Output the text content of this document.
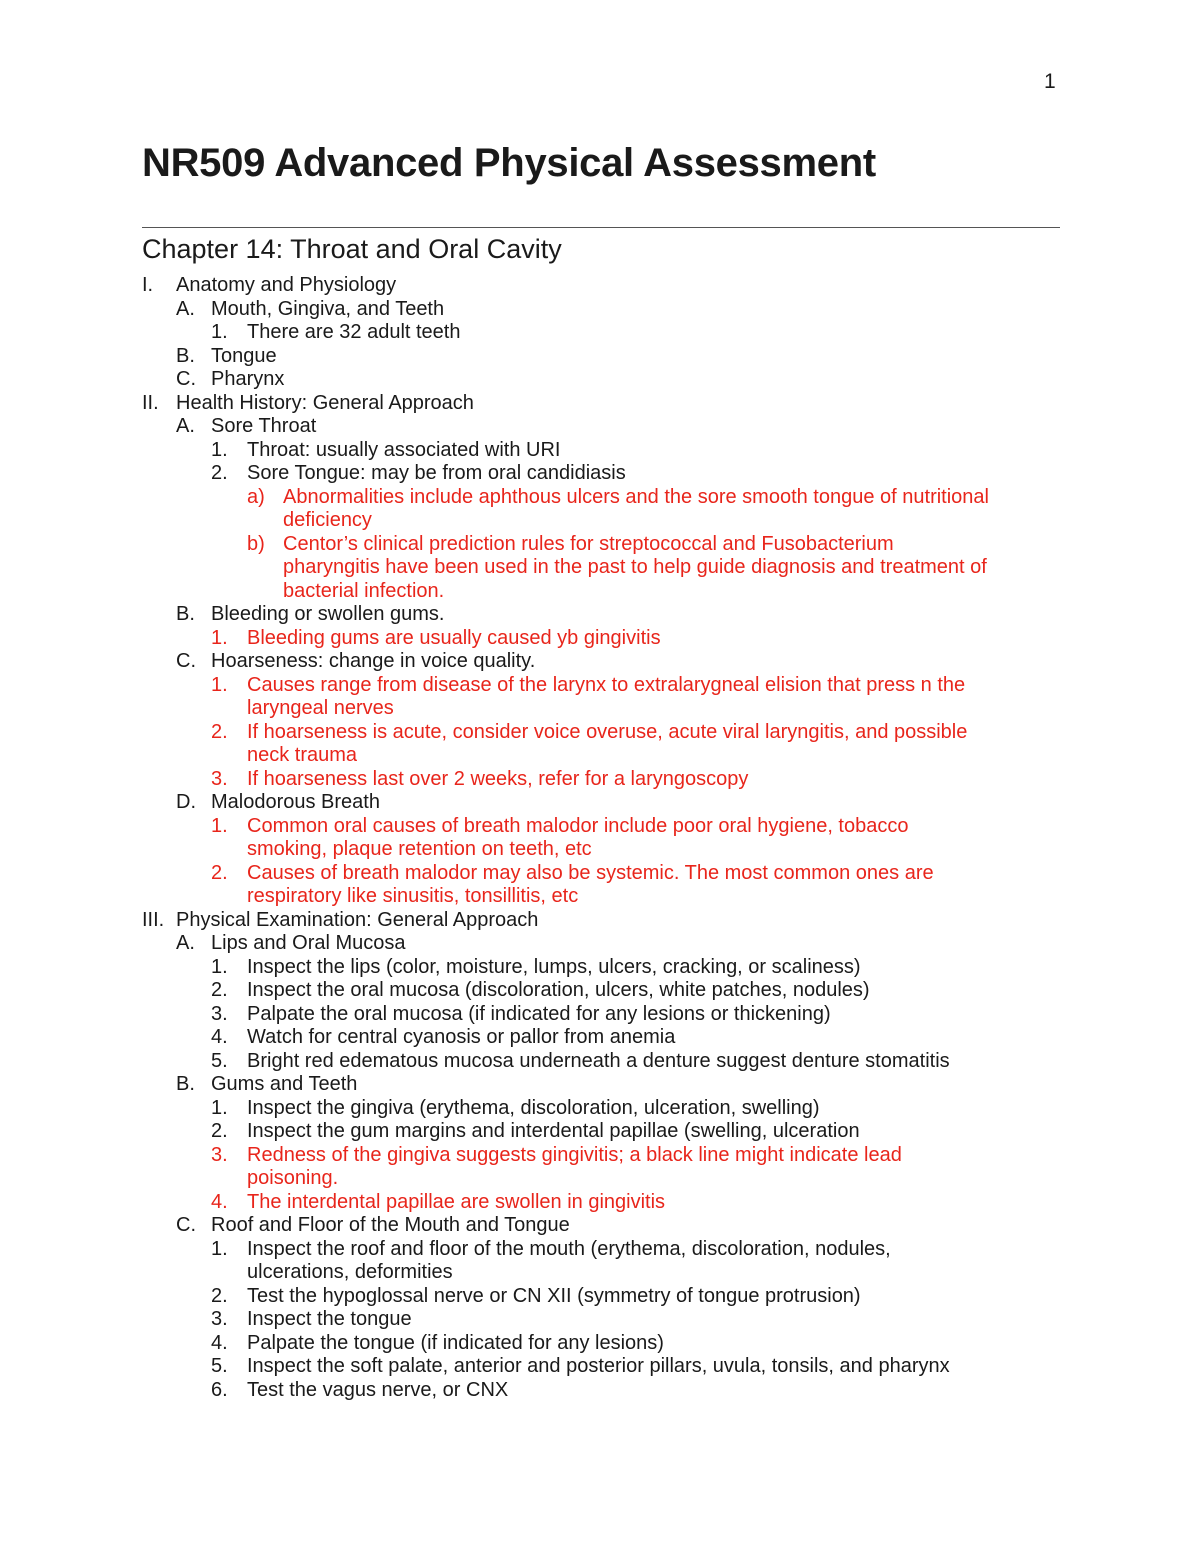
1
NR509 Advanced Physical Assessment
Chapter 14: Throat and Oral Cavity
I. Anatomy and Physiology
A. Mouth, Gingiva, and Teeth
1. There are 32 adult teeth
B. Tongue
C. Pharynx
II. Health History: General Approach
A. Sore Throat
1. Throat: usually associated with URI
2. Sore Tongue: may be from oral candidiasis
a) Abnormalities include aphthous ulcers and the sore smooth tongue of nutritional
deficiency
b) Centor’s clinical prediction rules for streptococcal and Fusobacterium
pharyngitis have been used in the past to help guide diagnosis and treatment of
bacterial infection.
B. Bleeding or swollen gums.
1. Bleeding gums are usually caused yb gingivitis
C. Hoarseness: change in voice quality.
1. Causes range from disease of the larynx to extralarygneal elision that press n the
laryngeal nerves
2. If hoarseness is acute, consider voice overuse, acute viral laryngitis, and possible
neck trauma
3. If hoarseness last over 2 weeks, refer for a laryngoscopy
D. Malodorous Breath
1. Common oral causes of breath malodor include poor oral hygiene, tobacco
smoking, plaque retention on teeth, etc
2. Causes of breath malodor may also be systemic. The most common ones are
respiratory like sinusitis, tonsillitis, etc
III. Physical Examination: General Approach
A. Lips and Oral Mucosa
1. Inspect the lips (color, moisture, lumps, ulcers, cracking, or scaliness)
2. Inspect the oral mucosa (discoloration, ulcers, white patches, nodules)
3. Palpate the oral mucosa (if indicated for any lesions or thickening)
4. Watch for central cyanosis or pallor from anemia
5. Bright red edematous mucosa underneath a denture suggest denture stomatitis
B. Gums and Teeth
1. Inspect the gingiva (erythema, discoloration, ulceration, swelling)
2. Inspect the gum margins and interdental papillae (swelling, ulceration
3. Redness of the gingiva suggests gingivitis; a black line might indicate lead
poisoning.
4. The interdental papillae are swollen in gingivitis
C. Roof and Floor of the Mouth and Tongue
1. Inspect the roof and floor of the mouth (erythema, discoloration, nodules,
ulcerations, deformities
2. Test the hypoglossal nerve or CN XII (symmetry of tongue protrusion)
3. Inspect the tongue
4. Palpate the tongue (if indicated for any lesions)
5. Inspect the soft palate, anterior and posterior pillars, uvula, tonsils, and pharynx
6. Test the vagus nerve, or CNX
